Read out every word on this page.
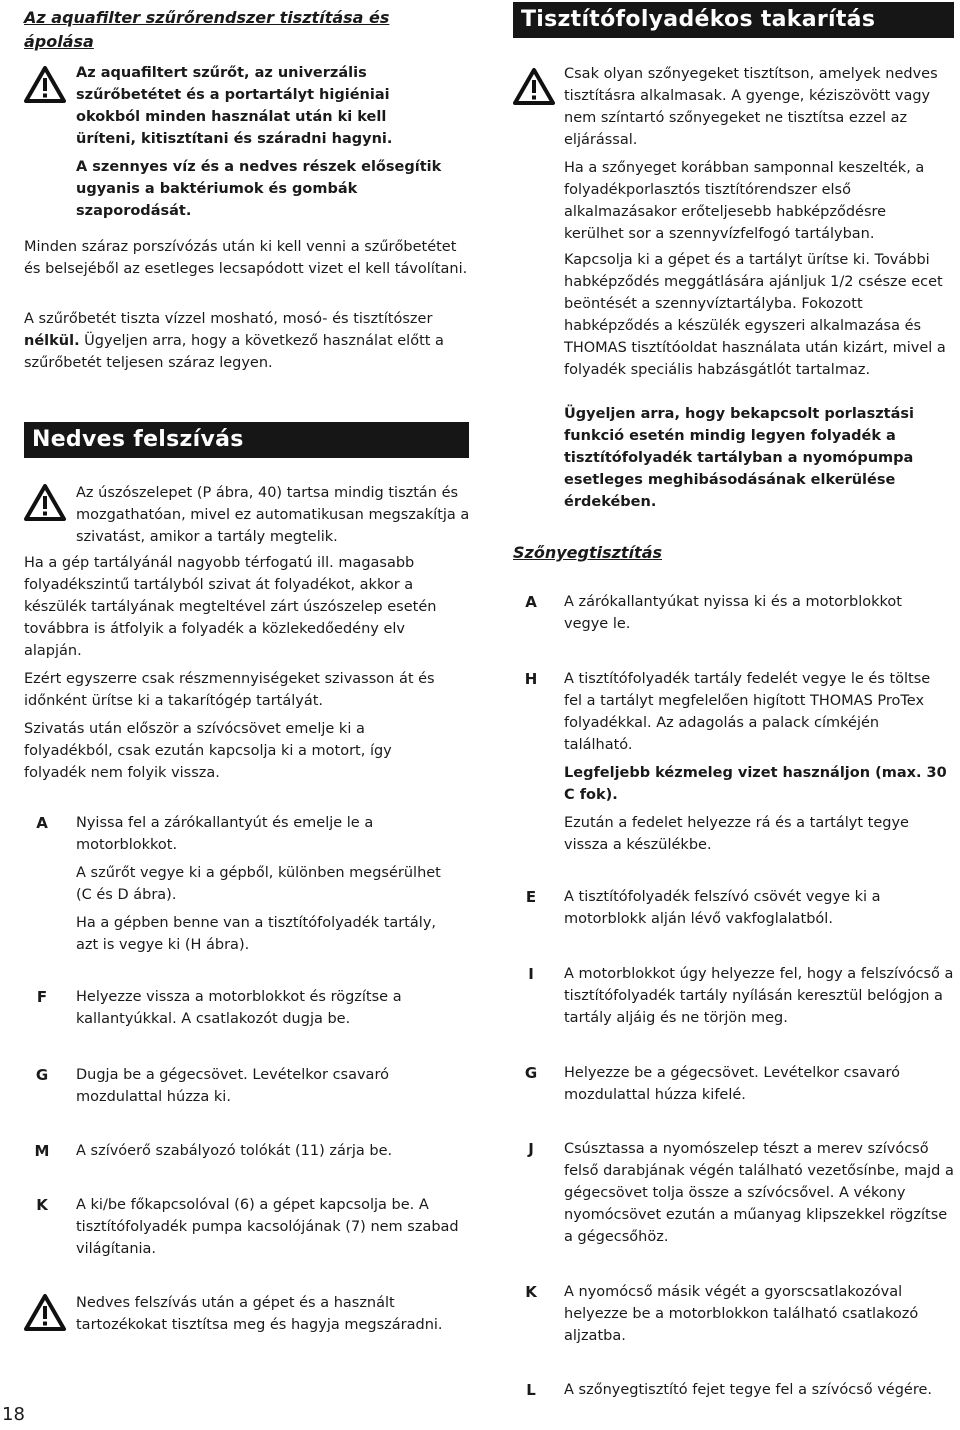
Az aquafilter szűrőrendszer tisztítása és
ápolása

Az aquafiltert szűrőt, az univerzális szűrőbetétet és a portartályt higiéniai okokból minden használat után ki kell üríteni, kitisztítani és száradni hagyni.

A szennyes víz és a nedves részek elősegítik ugyanis a baktériumok és gombák szaporodását.

Minden száraz porszívózás után ki kell venni a szűrőbetétet és belsejéből az esetleges lecsapódott vizet el kell távolítani.

A szűrőbetét tiszta vízzel mosható, mosó- és tisztítószer nélkül. Ügyeljen arra, hogy a következő használat előtt a szűrőbetét teljesen száraz legyen.

Nedves felszívás

Az úszószelepet (P ábra, 40) tartsa mindig tisztán és mozgathatóan, mivel ez automatikusan megszakítja a szivatást, amikor a tartály megtelik.

Ha a gép tartályánál nagyobb térfogatú ill. magasabb folyadékszintű tartályból szivat át folyadékot, akkor a készülék tartályának megteltével zárt úszószelep esetén továbbra is átfolyik a folyadék a közlekedőedény elv alapján.

Ezért egyszerre csak részmennyiségeket szivasson át és időnként ürítse ki a takarítógép tartályát.

Szivatás után először a szívócsövet emelje ki a folyadékból, csak ezután kapcsolja ki a motort, így folyadék nem folyik vissza.

A	Nyissa fel a zárókallantyút és emelje le a motorblokkot.

A szűrőt vegye ki a gépből, különben megsérülhet (C és D ábra).

Ha a gépben benne van a tisztítófolyadék tartály, azt is vegye ki (H ábra).

F	Helyezze vissza a motorblokkot és rögzítse a kallantyúkkal. A csatlakozót dugja be.

G	Dugja be a gégecsövet. Levételkor csavaró mozdulattal húzza ki.

M	A szívóerő szabályozó tolókát (11) zárja be.

K	A ki/be főkapcsolóval (6) a gépet kapcsolja be. A tisztítófolyadék pumpa kacsolójának (7) nem szabad világítania.

Nedves felszívás után a gépet és a használt tartozékokat tisztítsa meg és hagyja megszáradni.

18
Tisztítófolyadékos takarítás

Csak olyan szőnyegeket tisztítson, amelyek nedves tisztításra alkalmasak. A gyenge, kéziszövött vagy nem színtartó szőnyegeket ne tisztítsa ezzel az eljárással.

Ha a szőnyeget korábban samponnal keszelték, a folyadékporlasztós tisztítórendszer első alkalmazásakor erőteljesebb habképződésre kerülhet sor a szennyvízfelfogó tartályban.

Kapcsolja ki a gépet és a tartályt ürítse ki. További habképződés meggátlására ajánljuk 1/2 csésze ecet beöntését a szennyvíztartályba. Fokozott habképződés a készülék egyszeri alkalmazása és THOMAS tisztítóoldat használata után kizárt, mivel a folyadék speciális habzásgátlót tartalmaz.

Ügyeljen arra, hogy bekapcsolt porlasztási funkció esetén mindig legyen folyadék a tisztítófolyadék tartályban a nyomópumpa esetleges meghibásodásának elkerülése érdekében.

Szőnyegtisztítás
A	A zárókallantyúkat nyissa ki és a motorblokkot vegye le.

H	A tisztítófolyadék tartály fedelét vegye le és töltse fel a tartályt megfelelően higított THOMAS ProTex folyadékkal. Az adagolás a palack címkéjén található.

Legfeljebb kézmeleg vizet használjon (max. 30 C fok).

Ezután a fedelet helyezze rá és a tartályt tegye vissza a készülékbe.

E	A tisztítófolyadék felszívó csövét vegye ki a motorblokk alján lévő vakfoglalatból.

I	A motorblokkot úgy helyezze fel, hogy a felszívócső a tisztítófolyadék tartály nyílásán keresztül belógjon a tartály aljáig és ne törjön meg.

G	Helyezze be a gégecsövet. Levételkor csavaró mozdulattal húzza kifelé.

J	Csúsztassa a nyomószelep tészt a merev szívócső felső darabjának végén található vezetősínbe, majd a gégecsövet tolja össze a szívócsővel. A vékony nyomócsövet ezután a műanyag klipszekkel rögzítse a gégecsőhöz.

K	A nyomócső másik végét a gyorscsatlakozóval helyezze be a motorblokkon található csatlakozó aljzatba.

L	A szőnyegtisztító fejet tegye fel a szívócső végére.
